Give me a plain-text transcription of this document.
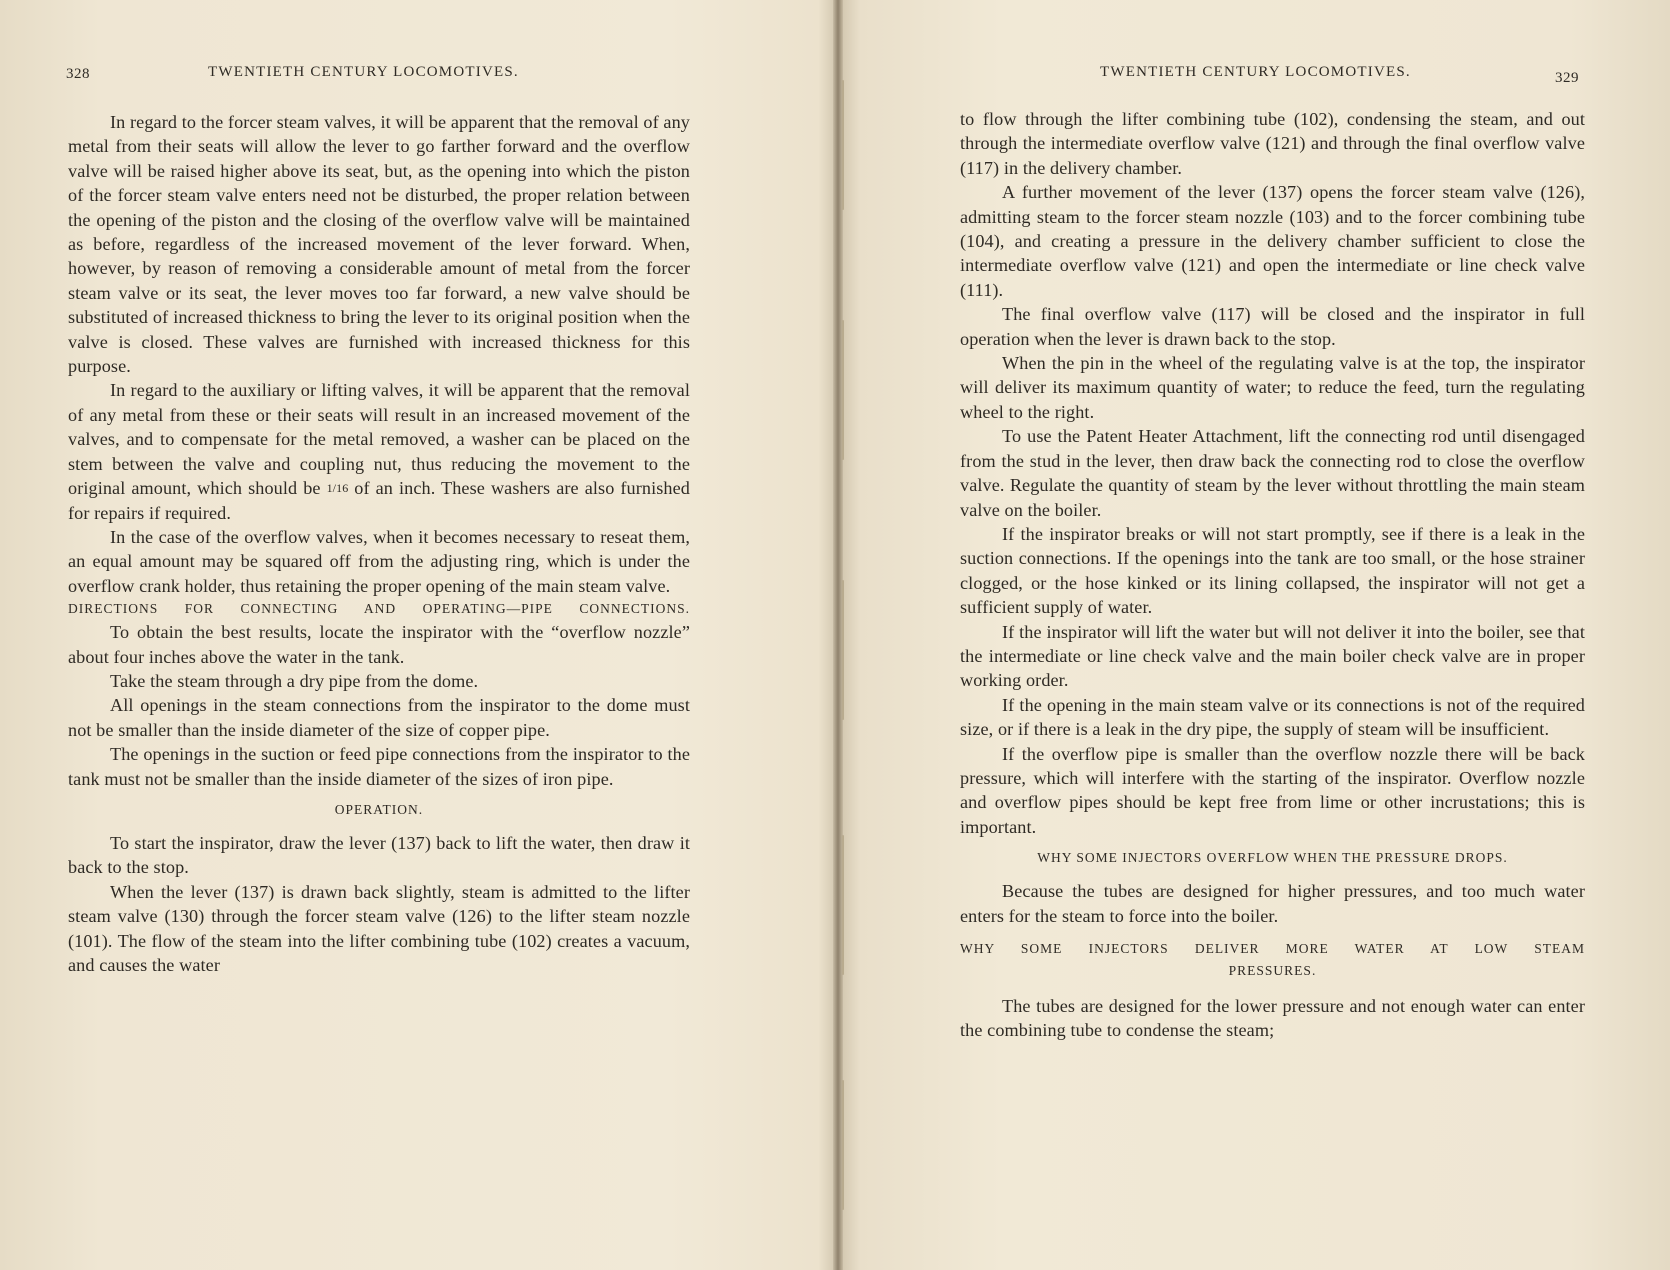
328	TWENTIETH CENTURY LOCOMOTIVES.

In regard to the forcer steam valves, it will be apparent that the removal of any metal from their seats will allow the lever to go farther forward and the overflow valve will be raised higher above its seat, but, as the opening into which the piston of the forcer steam valve enters need not be disturbed, the proper relation between the opening of the piston and the closing of the overflow valve will be maintained as before, regardless of the increased movement of the lever forward. When, however, by reason of removing a considerable amount of metal from the forcer steam valve or its seat, the lever moves too far forward, a new valve should be substituted of increased thickness to bring the lever to its original position when the valve is closed. These valves are furnished with increased thickness for this purpose.

In regard to the auxiliary or lifting valves, it will be apparent that the removal of any metal from these or their seats will result in an increased movement of the valves, and to compensate for the metal removed, a washer can be placed on the stem between the valve and coupling nut, thus reducing the movement to the original amount, which should be 1/16 of an inch. These washers are also furnished for repairs if required.

In the case of the overflow valves, when it becomes necessary to reseat them, an equal amount may be squared off from the adjusting ring, which is under the overflow crank holder, thus retaining the proper opening of the main steam valve.

DIRECTIONS FOR CONNECTING AND OPERATING—PIPE CONNECTIONS.

To obtain the best results, locate the inspirator with the “overflow nozzle” about four inches above the water in the tank.

Take the steam through a dry pipe from the dome.

All openings in the steam connections from the inspirator to the dome must not be smaller than the inside diameter of the size of copper pipe.

The openings in the suction or feed pipe connections from the inspirator to the tank must not be smaller than the inside diameter of the sizes of iron pipe.

OPERATION.

To start the inspirator, draw the lever (137) back to lift the water, then draw it back to the stop.

When the lever (137) is drawn back slightly, steam is admitted to the lifter steam valve (130) through the forcer steam valve (126) to the lifter steam nozzle (101). The flow of the steam into the lifter combining tube (102) creates a vacuum, and causes the water

TWENTIETH CENTURY LOCOMOTIVES.	329

to flow through the lifter combining tube (102), condensing the steam, and out through the intermediate overflow valve (121) and through the final overflow valve (117) in the delivery chamber.

A further movement of the lever (137) opens the forcer steam valve (126), admitting steam to the forcer steam nozzle (103) and to the forcer combining tube (104), and creating a pressure in the delivery chamber sufficient to close the intermediate overflow valve (121) and open the intermediate or line check valve (111).

The final overflow valve (117) will be closed and the inspirator in full operation when the lever is drawn back to the stop.

When the pin in the wheel of the regulating valve is at the top, the inspirator will deliver its maximum quantity of water; to reduce the feed, turn the regulating wheel to the right.

To use the Patent Heater Attachment, lift the connecting rod until disengaged from the stud in the lever, then draw back the connecting rod to close the overflow valve. Regulate the quantity of steam by the lever without throttling the main steam valve on the boiler.

If the inspirator breaks or will not start promptly, see if there is a leak in the suction connections. If the openings into the tank are too small, or the hose strainer clogged, or the hose kinked or its lining collapsed, the inspirator will not get a sufficient supply of water.

If the inspirator will lift the water but will not deliver it into the boiler, see that the intermediate or line check valve and the main boiler check valve are in proper working order.

If the opening in the main steam valve or its connections is not of the required size, or if there is a leak in the dry pipe, the supply of steam will be insufficient.

If the overflow pipe is smaller than the overflow nozzle there will be back pressure, which will interfere with the starting of the inspirator. Overflow nozzle and overflow pipes should be kept free from lime or other incrustations; this is important.

WHY SOME INJECTORS OVERFLOW WHEN THE PRESSURE DROPS.

Because the tubes are designed for higher pressures, and too much water enters for the steam to force into the boiler.

WHY SOME INJECTORS DELIVER MORE WATER AT LOW STEAM
PRESSURES.

The tubes are designed for the lower pressure and not enough water can enter the combining tube to condense the steam;
